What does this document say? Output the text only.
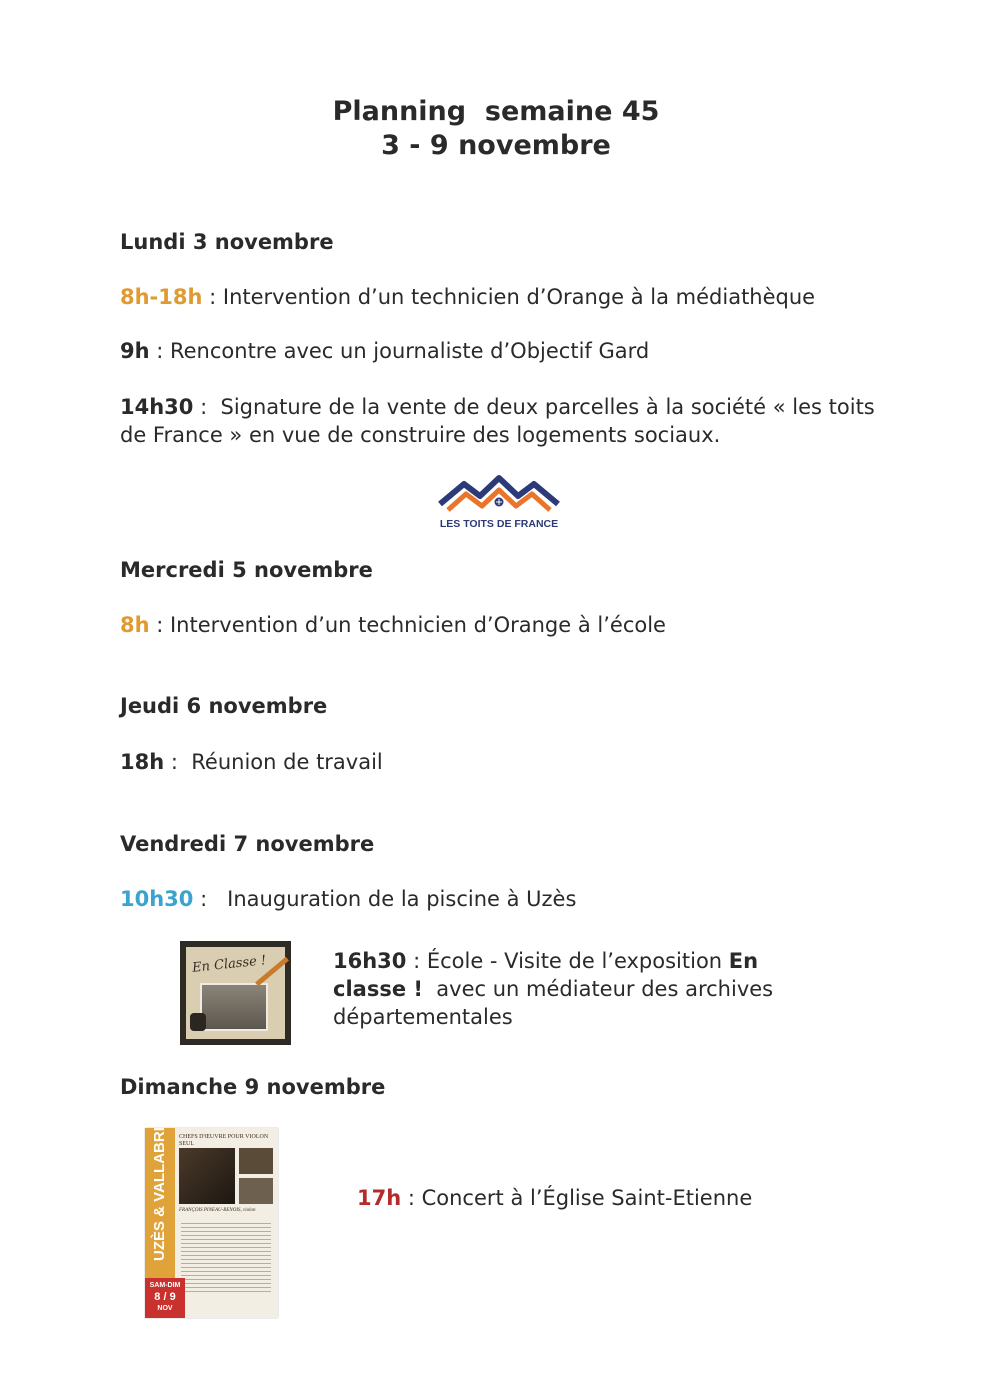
Planning  semaine 45
3 - 9 novembre
Lundi 3 novembre
8h-18h : Intervention d’un technicien d’Orange à la médiathèque
9h : Rencontre avec un journaliste d’Objectif Gard
14h30 :  Signature de la vente de deux parcelles à la société « les toits de France » en vue de construire des logements sociaux.
LES TOITS DE FRANCE
Mercredi 5 novembre
8h : Intervention d’un technicien d’Orange à l’école
Jeudi 6 novembre
18h :  Réunion de travail
Vendredi 7 novembre
10h30 :   Inauguration de la piscine à Uzès
En Classe !	16h30 : École - Visite de l’exposition En classe !  avec un médiateur des archives départementales
Dimanche 9 novembre
UZÈS & VALLABRIX	CHEFS D'ŒUVRE POUR VIOLON SEUL
FRANÇOIS PINEAU-BENOIS, violon
SAM-DIM
8 / 9
NOV
17h : Concert à l’Église Saint-Etienne
